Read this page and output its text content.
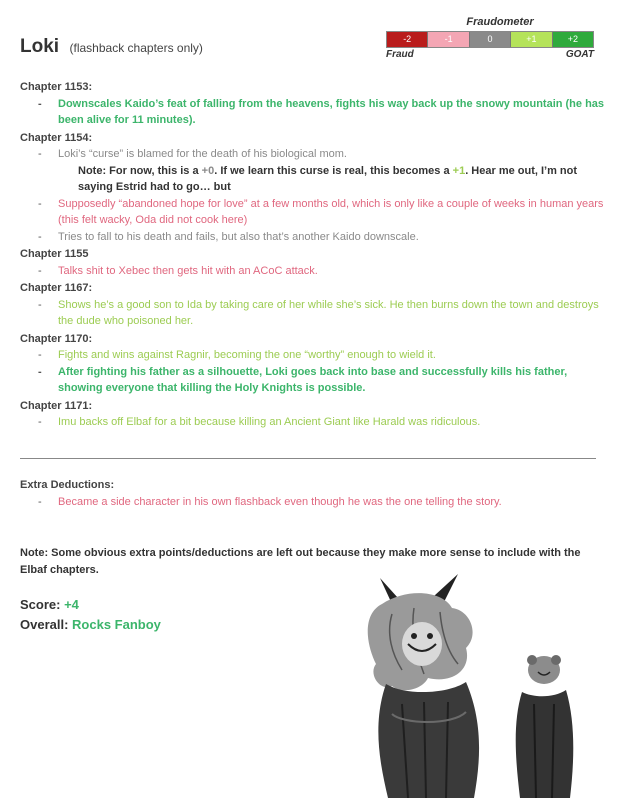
Loki (flashback chapters only)
Fraudometer
-2	-1	0	+1	+2
Fraud	GOAT
Chapter 1153:
- Downscales Kaido’s feat of falling from the heavens, fights his way back up the snowy mountain (he has been alive for 11 minutes).
Chapter 1154:
- Loki’s “curse” is blamed for the death of his biological mom.
Note: For now, this is a +0. If we learn this curse is real, this becomes a +1. Hear me out, I’m not saying Estrid had to go… but
- Supposedly “abandoned hope for love” at a few months old, which is only like a couple of weeks in human years (this felt wacky, Oda did not cook here)
- Tries to fall to his death and fails, but also that’s another Kaido downscale.
Chapter 1155
- Talks shit to Xebec then gets hit with an ACoC attack.
Chapter 1167:
- Shows he’s a good son to Ida by taking care of her while she’s sick. He then burns down the town and destroys the dude who poisoned her.
Chapter 1170:
- Fights and wins against Ragnir, becoming the one “worthy” enough to wield it.
- After fighting his father as a silhouette, Loki goes back into base and successfully kills his father, showing everyone that killing the Holy Knights is possible.
Chapter 1171:
- Imu backs off Elbaf for a bit because killing an Ancient Giant like Harald was ridiculous.
Extra Deductions:
- Became a side character in his own flashback even though he was the one telling the story.
Note: Some obvious extra points/deductions are left out because they make more sense to include with the Elbaf chapters.
Score: +4
Overall: Rocks Fanboy
